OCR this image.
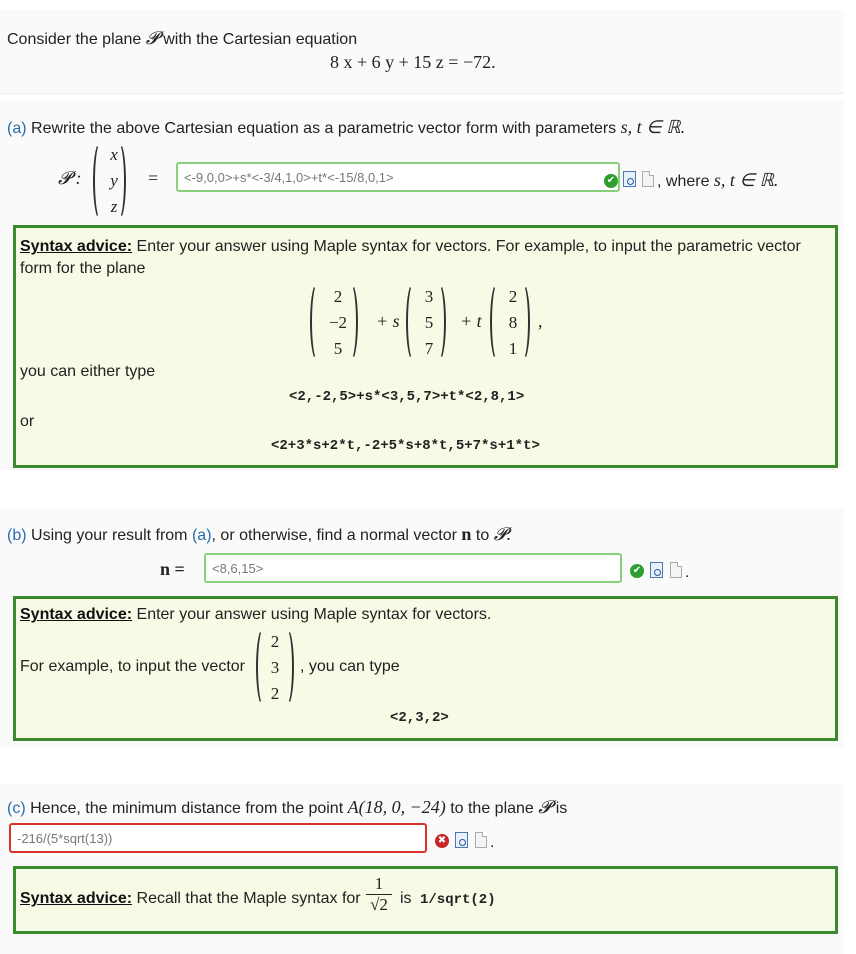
Consider the plane 𝓟 with the Cartesian equation
8 x + 6 y + 15 z = −72.
(a) Rewrite the above Cartesian equation as a parametric vector form with parameters s, t ∈ ℝ.
𝓟 :
x
y
z
=	<-9,0,0>+s*<-3/4,1,0>+t*<-15/8,0,1>	✔	, where s, t ∈ ℝ.
Syntax advice: Enter your answer using Maple syntax for vectors. For example, to input the parametric vector form for the plane
2
−2
5
+ s
3
5
7
+ t
2
8
1
,
you can either type
<2,-2,5>+s*<3,5,7>+t*<2,8,1>
or
<2+3*s+2*t,-2+5*s+8*t,5+7*s+1*t>
(b) Using your result from (a), or otherwise, find a normal vector n to 𝓟.
n =	<8,6,15>	✔	.
Syntax advice: Enter your answer using Maple syntax for vectors.
For example, to input the vector
2
3
2
, you can type
<2,3,2>
(c) Hence, the minimum distance from the point A(18, 0, −24) to the plane 𝓟 is
-216/(5*sqrt(13))	✖	.
Syntax advice: Recall that the Maple syntax for $\frac{1}{√2}$ is 1/sqrt(2)
